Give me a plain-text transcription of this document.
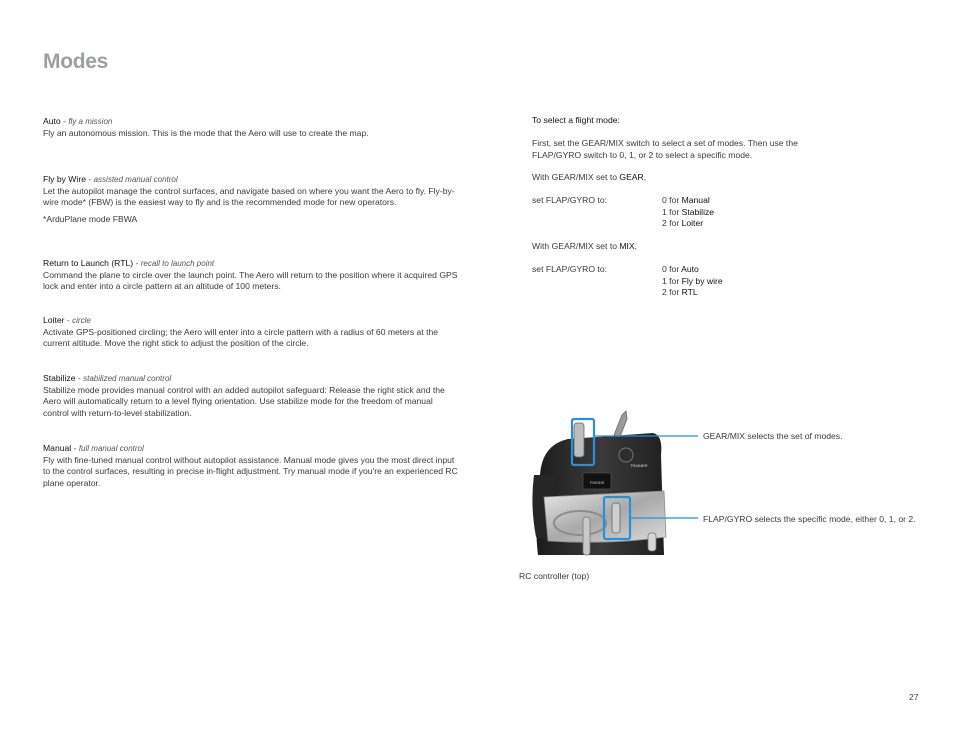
Modes
Auto - fly a mission

Fly an autonomous mission. This is the mode that the Aero will use to create the map.

Fly by Wire - assisted manual control

Let the autopilot manage the control surfaces, and navigate based on where you want the Aero to fly. Fly-by-wire mode* (FBW) is the easiest way to fly and is the recommended mode for new operators.

*ArduPlane mode FBWA

Return to Launch (RTL) - recall to launch point

Command the plane to circle over the launch point. The Aero will return to the position where it acquired GPS lock and enter into a circle pattern at an altitude of 100 meters.

Loiter - circle

Activate GPS-positioned circling; the Aero will enter into a circle pattern with a radius of 60 meters at the current altitude. Move the right stick to adjust the position of the circle.

Stabilize - stabilized manual control

Stabilize mode provides manual control with an added autopilot safeguard: Release the right stick and the Aero will automatically return to a level flying orientation. Use stabilize mode for the freedom of manual control with return-to-level stabilization.

Manual - full manual control

Fly with fine-tuned manual control without autopilot assistance. Manual mode gives you the most direct input to the control surfaces, resulting in precise in-flight adjustment. Try manual mode if you're an experienced RC plane operator.

To select a flight mode:
First, set the GEAR/MIX switch to select a set of modes. Then use the FLAP/GYRO switch to 0, 1, or 2 to select a specific mode.
With GEAR/MIX set to GEAR,
set FLAP/GYRO to:	0 for Manual
1 for Stabilize
2 for Loiter
With GEAR/MIX set to MIX,
set FLAP/GYRO to:	0 for Auto
1 for Fly by wire
2 for RTL
FMODE
TRAINER
GEAR/MIX selects the set of modes.
FLAP/GYRO selects the specific mode, either 0, 1, or 2.
RC controller (top)
27
